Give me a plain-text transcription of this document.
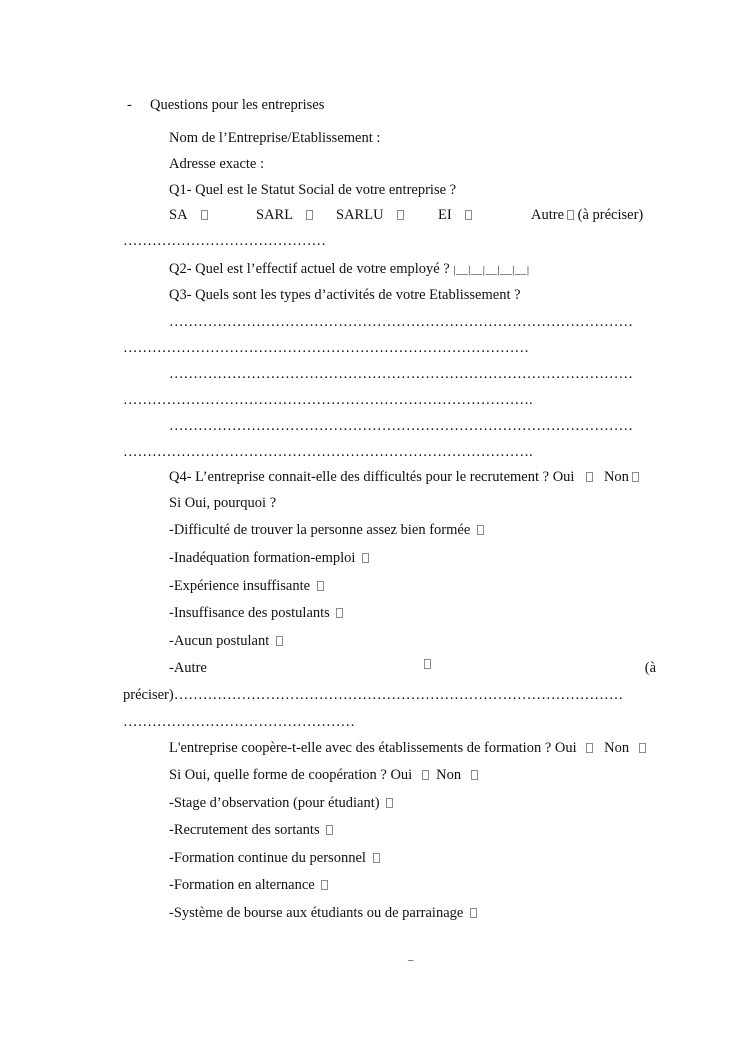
- Questions pour les entreprises
Nom de l’Entreprise/Etablissement :
Adresse exacte :
Q1- Quel est le Statut Social de votre entreprise ?
SA	SARL	SARLU	EI	Autre (à préciser)
……………………………………
Q2- Quel est l’effectif actuel de votre employé ? |__|__|__|__|__|
Q3- Quels sont les types d’activités de votre Etablissement ?
……………………………………………………………………………………
…………………………………………………………………………
……………………………………………………………………………………
………………………………………………………………………….
……………………………………………………………………………………
………………………………………………………………………….
Q4- L’entreprise connait-elle des difficultés pour le recrutement ? Oui Non
Si Oui, pourquoi ?
-Difficulté de trouver la personne assez bien formée
-Inadéquation formation-emploi
-Expérience insuffisante
-Insuffisance des postulants
-Aucun postulant
-Autre	(à
préciser)…………………………………………………………………………………
…………………………………………
L'entreprise coopère-t-elle avec des établissements de formation ? Oui Non
Si Oui, quelle forme de coopération ? Oui Non
-Stage d’observation (pour étudiant)
-Recrutement des sortants
-Formation continue du personnel
-Formation en alternance
-Système de bourse aux étudiants ou de parrainage
–
